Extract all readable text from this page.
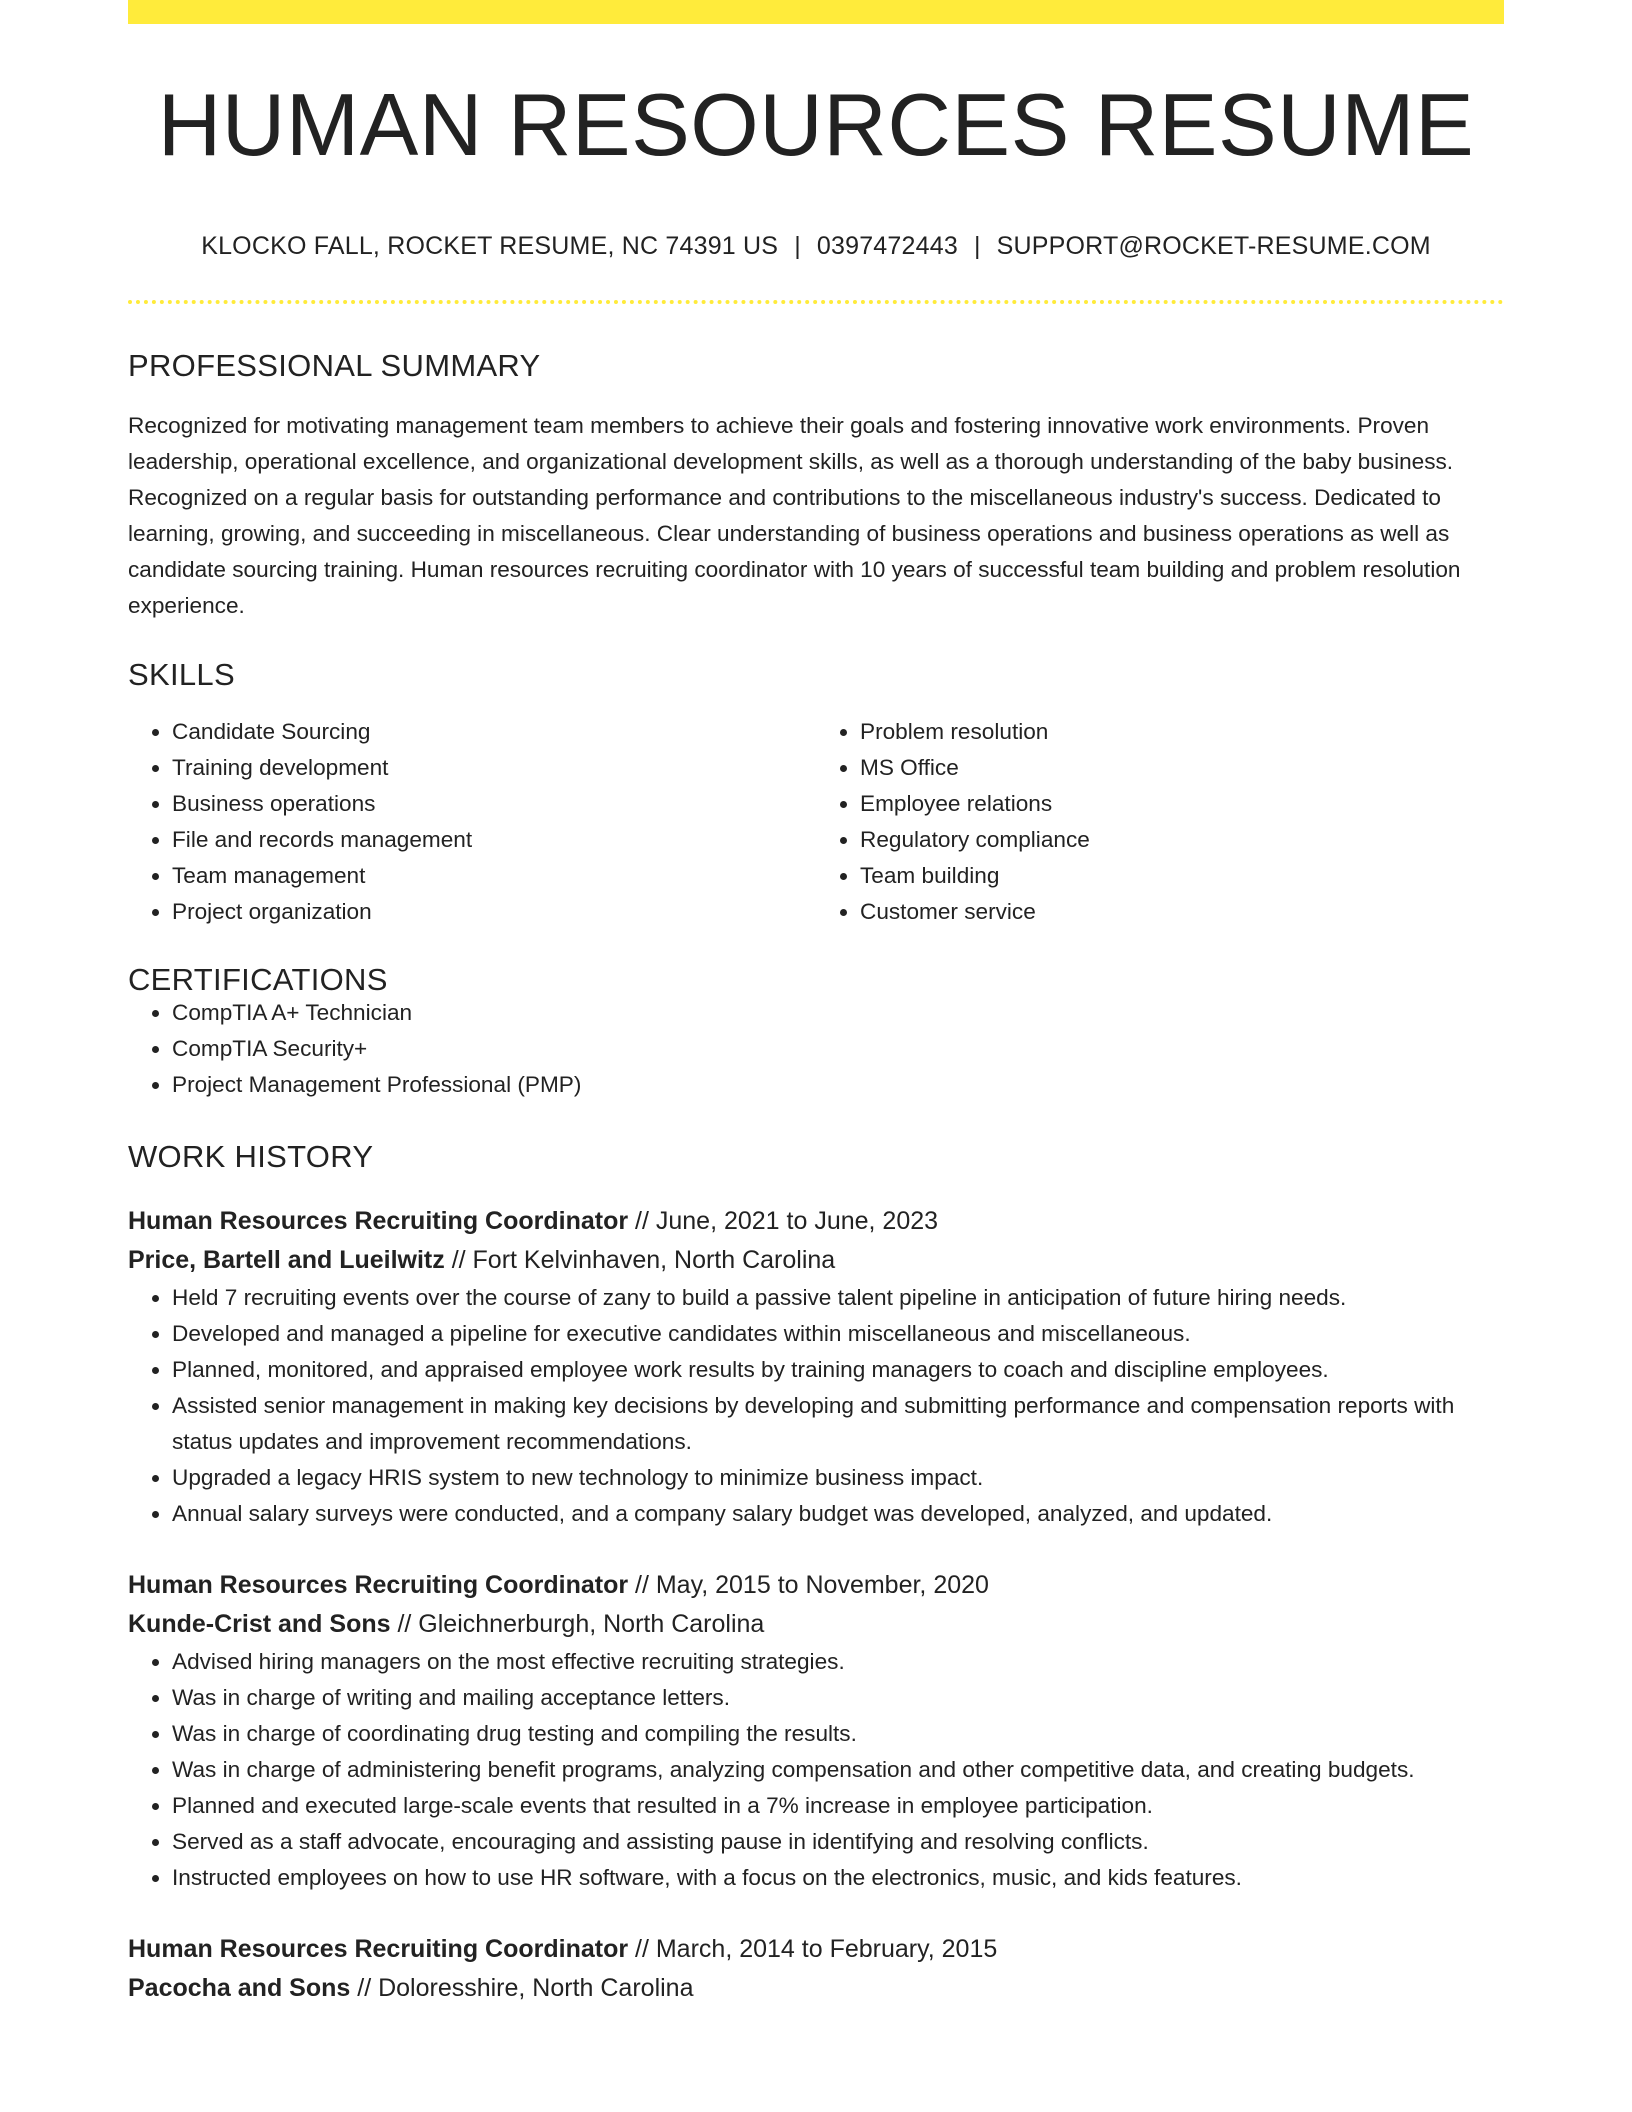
HUMAN RESOURCES RESUME
KLOCKO FALL, ROCKET RESUME, NC 74391 US | 0397472443 | SUPPORT@ROCKET-RESUME.COM
PROFESSIONAL SUMMARY
Recognized for motivating management team members to achieve their goals and fostering innovative work environments. Proven leadership, operational excellence, and organizational development skills, as well as a thorough understanding of the baby business. Recognized on a regular basis for outstanding performance and contributions to the miscellaneous industry's success. Dedicated to learning, growing, and succeeding in miscellaneous. Clear understanding of business operations and business operations as well as candidate sourcing training. Human resources recruiting coordinator with 10 years of successful team building and problem resolution experience.
SKILLS
• Candidate Sourcing
• Training development
• Business operations
• File and records management
• Team management
• Project organization
• Problem resolution
• MS Office
• Employee relations
• Regulatory compliance
• Team building
• Customer service
CERTIFICATIONS
• CompTIA A+ Technician
• CompTIA Security+
• Project Management Professional (PMP)
WORK HISTORY
Human Resources Recruiting Coordinator // June, 2021 to June, 2023
Price, Bartell and Lueilwitz // Fort Kelvinhaven, North Carolina
• Held 7 recruiting events over the course of zany to build a passive talent pipeline in anticipation of future hiring needs.
• Developed and managed a pipeline for executive candidates within miscellaneous and miscellaneous.
• Planned, monitored, and appraised employee work results by training managers to coach and discipline employees.
• Assisted senior management in making key decisions by developing and submitting performance and compensation reports with status updates and improvement recommendations.
• Upgraded a legacy HRIS system to new technology to minimize business impact.
• Annual salary surveys were conducted, and a company salary budget was developed, analyzed, and updated.
Human Resources Recruiting Coordinator // May, 2015 to November, 2020
Kunde-Crist and Sons // Gleichnerburgh, North Carolina
• Advised hiring managers on the most effective recruiting strategies.
• Was in charge of writing and mailing acceptance letters.
• Was in charge of coordinating drug testing and compiling the results.
• Was in charge of administering benefit programs, analyzing compensation and other competitive data, and creating budgets.
• Planned and executed large-scale events that resulted in a 7% increase in employee participation.
• Served as a staff advocate, encouraging and assisting pause in identifying and resolving conflicts.
• Instructed employees on how to use HR software, with a focus on the electronics, music, and kids features.
Human Resources Recruiting Coordinator // March, 2014 to February, 2015
Pacocha and Sons // Doloresshire, North Carolina
